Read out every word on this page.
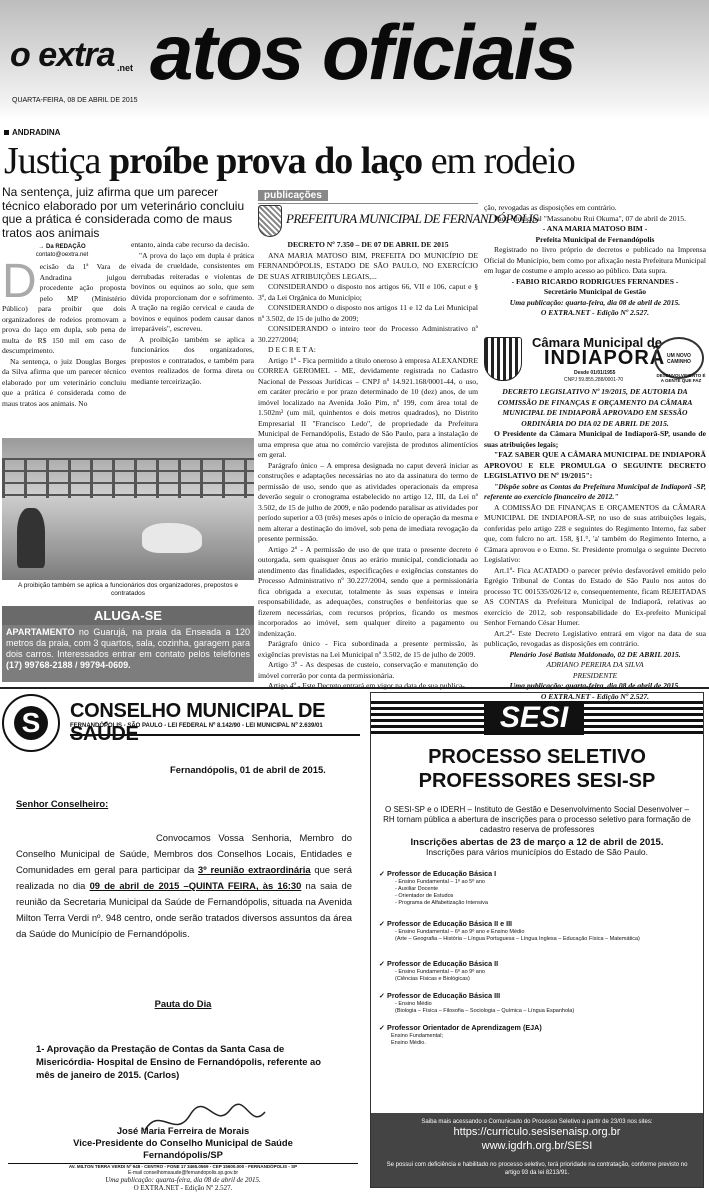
o extra .net atos oficiais
QUARTA-FEIRA, 08 DE ABRIL DE 2015
ANDRADINA
Justiça proíbe prova do laço em rodeio
Na sentença, juiz afirma que um parecer técnico elaborado por um veterinário concluiu que a prática é considerada como de maus tratos aos animais
→ Da REDAÇÃO
contato@oextra.net
D ecisão da 1ª Vara de Andradina julgou procedente ação proposta pelo MP (Ministério Público) para proibir que dois organizadores de rodeios promovam a prova do laço em dupla, sob pena de multa de R$ 150 mil em caso de descumprimento.
Na sentença, o juiz Douglas Borges da Silva afirma que um parecer técnico elaborado por um veterinário concluiu que a prática é considerada como de maus tratos aos animais. No
entanto, ainda cabe recurso da decisão.
"A prova do laço em dupla é prática eivada de crueldade, consistentes em derrubadas reiteradas e violentas de bovinos ou equinos ao solo, que sem dúvida proporcionam dor e sofrimento. A tração na região cervical e cauda de bovinos e equinos podem causar danos irreparáveis", escreveu.
A proibição também se aplica a funcionários dos organizadores, prepostos e contratados, e também para eventos realizados de forma direta ou mediante terceirização.
A proibição também se aplica a funcionários dos organizadores, prepostos e contratados
ALUGA-SE
APARTAMENTO no Guarujá, na praia da Enseada a 120 metros da praia, com 3 quartos, sala, cozinha, garagem para dois carros. Interessados entrar em contato pelos telefones (17) 99768-2188 / 99794-0609.
publicações
PREFEITURA MUNICIPAL DE FERNANDÓPOLIS
DECRETO Nº 7.350 – DE 07 DE ABRIL DE 2015

ANA MARIA MATOSO BIM, PREFEITA DO MUNICÍPIO DE FERNANDÓPOLIS, ESTADO DE SÃO PAULO, NO EXERCÍCIO DE SUAS ATRIBUIÇÕES LEGAIS,...

CONSIDERANDO o disposto nos artigos 66, VII e 106, caput e § 3º, da Lei Orgânica do Município;

CONSIDERANDO o disposto nos artigos 11 e 12 da Lei Municipal nº 3.502, de 15 de julho de 2009;

CONSIDERANDO o inteiro teor do Processo Administrativo nº 30.227/2004;

D E C R E T A:

Artigo 1º - Fica permitido a título oneroso à empresa ALEXANDRE CORREA GEROMEL - ME, devidamente registrada no Cadastro Nacional de Pessoas Jurídicas – CNPJ nº 14.921.168/0001-44, o uso, em caráter precário e por prazo determinado de 10 (dez) anos, de um imóvel localizado na Avenida João Pim, nº 199, com área total de 1.502m² (um mil, quinhentos e dois metros quadrados), no Distrito Empresarial II "Francisco Ledo", de propriedade da Prefeitura Municipal de Fernandópolis, Estado de São Paulo, para a instalação de uma empresa que atua no comércio varejista de produtos alimentícios em geral.

Parágrafo único – A empresa designada no caput deverá iniciar as construções e adaptações necessárias no ato da assinatura do termo de permissão de uso, sendo que as atividades operacionais da empresa deverão seguir o cronograma estabelecido no artigo 12, III, da Lei nº 3.502, de 15 de julho de 2009, e não podendo paralisar as atividades por período superior a 03 (três) meses após o início de operação da mesma e nem alterar a destinação do imóvel, sob pena de imediata revogação da presente permissão.

Artigo 2º - A permissão de uso de que trata o presente decreto é outorgada, sem quaisquer ônus ao erário municipal, condicionada ao atendimento das finalidades, especificações e exigências constantes do Processo Administrativo nº 30.227/2004, sendo que a permissionária fica obrigada a executar, totalmente às suas expensas e inteira responsabilidade, as adequações, construções e benfeitorias que se fizerem necessárias, com recursos próprios, ficando os mesmos incorporados ao imóvel, sem qualquer direito a pagamento ou indenização.

Parágrafo único - Fica subordinada a presente permissão, às exigências previstas na Lei Municipal nº 3.502, de 15 de julho de 2009.

Artigo 3º - As despesas de custeio, conservação e manutenção do imóvel correrão por conta da permissionária.

Artigo 4º - Este Decreto entrará em vigor na data de sua publica-

ção, revogadas as disposições em contrário.

Paço Municipal "Massanobu Rui Okuma", 07 de abril de 2015.

- ANA MARIA MATOSO BIM -
Prefeita Municipal de Fernandópolis

Registrado no livro próprio de decretos e publicado na Imprensa Oficial do Município, bem como por afixação nesta Prefeitura Municipal em lugar de costume e amplo acesso ao público. Data supra.

- FABIO RICARDO RODRIGUES FERNANDES -
Secretário Municipal de Gestão
Uma publicação: quarta-feira, dia 08 de abril de 2015.
O EXTRA.NET - Edição Nº 2.527.
Câmara Municipal de
INDIAPORÃ
Desde 01/01/1955
CNPJ 59.855.288/0001-70
UM NOVO CAMINHO
DESENVOLVIMENTO É A GENTE QUE FAZ
DECRETO LEGISLATIVO Nº 19/2015, DE AUTORIA DA COMISSÃO DE FINANÇAS E ORÇAMENTO DA CÂMARA MUNICIPAL DE INDIAPORÃ APROVADO EM SESSÃO ORDINÁRIA DO DIA 02 DE ABRIL DE 2015.

O Presidente da Câmara Municipal de Indiaporã-SP, usando de suas atribuições legais;

"FAZ SABER QUE A CÂMARA MUNICIPAL DE INDIAPORÃ APROVOU E ELE PROMULGA O SEGUINTE DECRETO LEGISLATIVO DE Nº 19/2015":

"Dispõe sobre as Contas da Prefeitura Municipal de Indiaporã -SP, referente ao exercício financeiro de 2012."

A COMISSÃO DE FINANÇAS E ORÇAMENTOS da CÂMARA MUNICIPAL DE INDIAPORÃ-SP, no uso de suas atribuições legais, conferidas pelo artigo 228 e seguintes do Regimento Interno, faz saber que, com fulcro no art. 158, §1.°, 'a' também do Regimento Interno, a Câmara aprovou e o Exmo. Sr. Presidente promulga o seguinte Decreto Legislativo:

Art.1º- Fica ACATADO o parecer prévio desfavorável emitido pelo Egrégio Tribunal de Contas do Estado de São Paulo nos autos do processo TC 001535/026/12 e, consequentemente, ficam REJEITADAS AS CONTAS da Prefeitura Municipal de Indiaporã, relativas ao exercício de 2012, sob responsabilidade do Ex-prefeito Municipal Senhor Fernando César Humer.

Art.2º- Este Decreto Legislativo entrará em vigor na data de sua publicação, revogadas as disposições em contrário.

Plenário José Batista Maldonado, 02 DE ABRIL 2015.
ADRIANO PEREIRA DA SILVA
PRESIDENTE
Uma publicação: quarta-feira, dia 08 de abril de 2015.
O EXTRA.NET - Edição Nº 2.527.
S	CONSELHO MUNICIPAL DE SAÚDE
FERNANDÓPOLIS - SÃO PAULO - LEI FEDERAL Nº 8.142/90 - LEI MUNICIPAL Nº 2.639/01
Fernandópolis, 01 de abril de 2015.
Senhor Conselheiro:
Convocamos Vossa Senhoria, Membro do Conselho Municipal de Saúde, Membros dos Conselhos Locais, Entidades e Comunidades em geral para participar da 3º reunião extraordinária que será realizada no dia 09 de abril de 2015 –QUINTA FEIRA, às 16:30 na saia de reunião da Secretaria Municipal da Saúde de Fernandópolis, situada na Avenida Milton Terra Verdi nº. 948 centro, onde serão tratados diversos assuntos da área da Saúde do Município de Fernandópolis.
Pauta do Dia
1- Aprovação da Prestação de Contas da Santa Casa de Misericórdia- Hospital de Ensino de Fernandópolis, referente ao mês de janeiro de 2015. (Carlos)
José Maria Ferreira de Morais
Vice-Presidente do Conselho Municipal de Saúde
Fernandópolis/SP
AV. MILTON TERRA VERDI Nº 948 - CENTRO - FONE 17 3465.0569 - CEP 15600.000 - FERNANDÓPOLIS - SP
E-mail conselhomsaude@fernandopolis.sp.gov.br
Uma publicação: quarta-feira, dia 08 de abril de 2015.
O EXTRA.NET - Edição Nº 2.527.
SESI
PROCESSO SELETIVO
PROFESSORES SESI-SP
O SESI-SP e o IDERH – Instituto de Gestão e Desenvolvimento Social Desenvolver – RH tornam pública a abertura de inscrições para o processo seletivo para formação de cadastro reserva de professores
Inscrições abertas de 23 de março a 12 de abril de 2015.
Inscrições para vários municípios do Estado de São Paulo.
✓ Professor de Educação Básica I
- Ensino Fundamental – 1º ao 5º ano
- Auxiliar Docente
- Orientador de Estudos
- Programa de Alfabetização Intensiva
✓ Professor de Educação Básica II e III
- Ensino Fundamental – 6º ao 9º ano e Ensino Médio
(Arte – Geografia – História – Língua Portuguesa – Língua Inglesa – Educação Física – Matemática)
✓ Professor de Educação Básica II
- Ensino Fundamental – 6º ao 9º ano
(Ciências Físicas e Biológicas)
✓ Professor de Educação Básica III
- Ensino Médio
(Biologia – Física – Filosofia – Sociologia – Química – Língua Espanhola)
✓ Professor Orientador de Aprendizagem (EJA)
Ensino Fundamental;
Ensino Médio.
Saiba mais acessando o Comunicado do Processo Seletivo a partir de 23/03 nos sites:
https://curriculo.sesisenaisp.org.br
www.igdrh.org.br/SESI
Se possui com deficiência e habilitado no processo seletivo, terá prioridade na contratação, conforme previsto no artigo 93 da lei 8213/91.
